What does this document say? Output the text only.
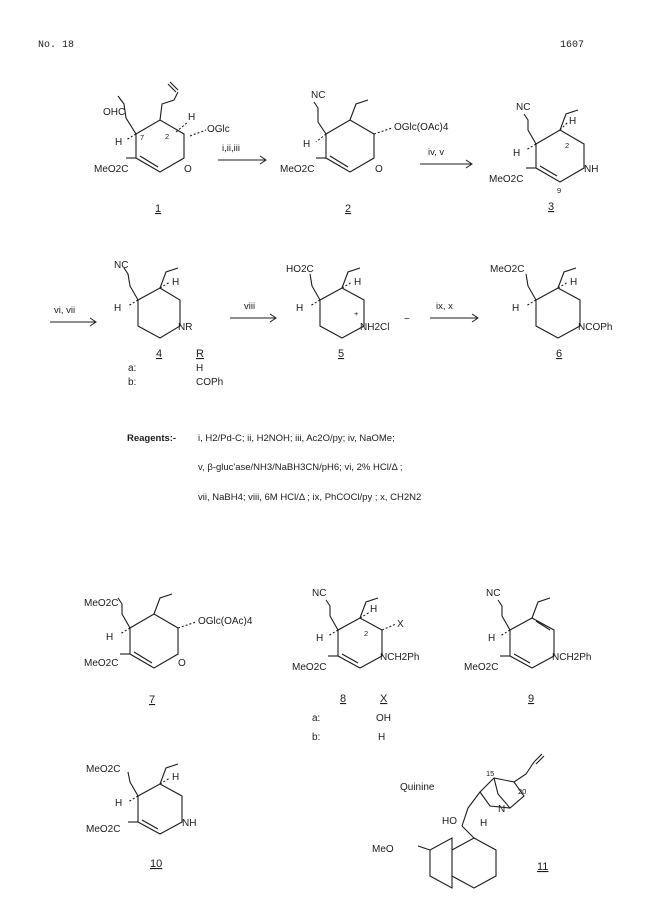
No. 18	1607
OHC	H
OGlc
H 7	2
MeO2C	O
1
i,ii,iii
NC
OGlc(OAc)4
H
MeO2C	O
2
iv, v
NC
H
H
2
NH
MeO2C
9
3
vi, vii
NC
H
H
NR
4	R
a:	H
b:	COPh
viii
HO2C
H
H	+
NH2Cl
−
5
ix, x
MeO2C
H
H
NCOPh
6
Reagents:- i, H2/Pd-C; ii, H2NOH; iii, Ac2O/py; iv, NaOMe;
v, β-gluc'ase/NH3/NaBH3CN/pH6; vi, 2% HCl/Δ ;
vii, NaBH4; viii, 6M HCl/Δ ; ix, PhCOCl/py ; x, CH2N2
MeO2C
H
OGlc(OAc)4
MeO2C	O
7
NC
H
H	2
X
NCH2Ph
MeO2C
8	X
a:	OH
b:	H
NC
H
NCH2Ph
MeO2C
9
MeO2C
H
H
NH
MeO2C
10
Quinine
15
20
HO
N
H
MeO
11
